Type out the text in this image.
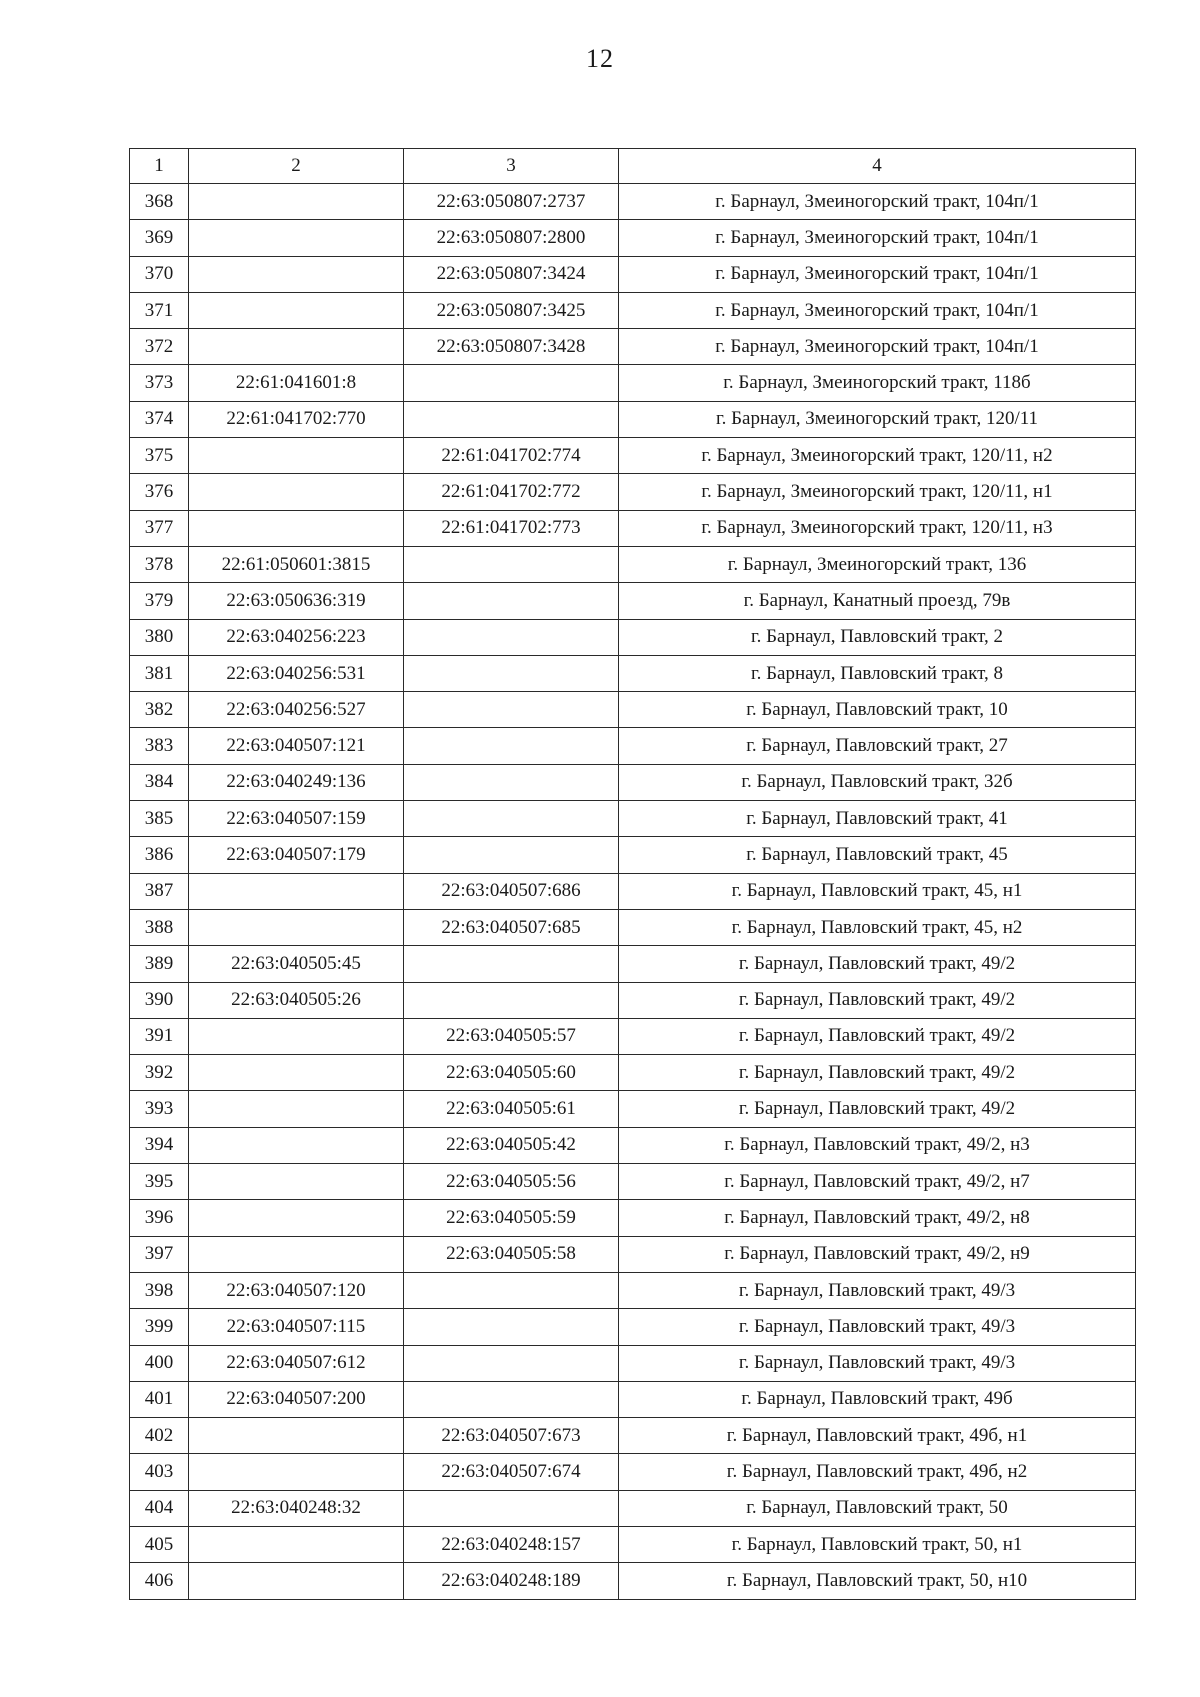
12
1	2	3	4
368		22:63:050807:2737	г. Барнаул, Змеиногорский тракт, 104п/1
369		22:63:050807:2800	г. Барнаул, Змеиногорский тракт, 104п/1
370		22:63:050807:3424	г. Барнаул, Змеиногорский тракт, 104п/1
371		22:63:050807:3425	г. Барнаул, Змеиногорский тракт, 104п/1
372		22:63:050807:3428	г. Барнаул, Змеиногорский тракт, 104п/1
373	22:61:041601:8		г. Барнаул, Змеиногорский тракт, 118б
374	22:61:041702:770		г. Барнаул, Змеиногорский тракт, 120/11
375		22:61:041702:774	г. Барнаул, Змеиногорский тракт, 120/11, н2
376		22:61:041702:772	г. Барнаул, Змеиногорский тракт, 120/11, н1
377		22:61:041702:773	г. Барнаул, Змеиногорский тракт, 120/11, н3
378	22:61:050601:3815		г. Барнаул, Змеиногорский тракт, 136
379	22:63:050636:319		г. Барнаул, Канатный проезд, 79в
380	22:63:040256:223		г. Барнаул, Павловский тракт, 2
381	22:63:040256:531		г. Барнаул, Павловский тракт, 8
382	22:63:040256:527		г. Барнаул, Павловский тракт, 10
383	22:63:040507:121		г. Барнаул, Павловский тракт, 27
384	22:63:040249:136		г. Барнаул, Павловский тракт, 32б
385	22:63:040507:159		г. Барнаул, Павловский тракт, 41
386	22:63:040507:179		г. Барнаул, Павловский тракт, 45
387		22:63:040507:686	г. Барнаул, Павловский тракт, 45, н1
388		22:63:040507:685	г. Барнаул, Павловский тракт, 45, н2
389	22:63:040505:45		г. Барнаул, Павловский тракт, 49/2
390	22:63:040505:26		г. Барнаул, Павловский тракт, 49/2
391		22:63:040505:57	г. Барнаул, Павловский тракт, 49/2
392		22:63:040505:60	г. Барнаул, Павловский тракт, 49/2
393		22:63:040505:61	г. Барнаул, Павловский тракт, 49/2
394		22:63:040505:42	г. Барнаул, Павловский тракт, 49/2, н3
395		22:63:040505:56	г. Барнаул, Павловский тракт, 49/2, н7
396		22:63:040505:59	г. Барнаул, Павловский тракт, 49/2, н8
397		22:63:040505:58	г. Барнаул, Павловский тракт, 49/2, н9
398	22:63:040507:120		г. Барнаул, Павловский тракт, 49/3
399	22:63:040507:115		г. Барнаул, Павловский тракт, 49/3
400	22:63:040507:612		г. Барнаул, Павловский тракт, 49/3
401	22:63:040507:200		г. Барнаул, Павловский тракт, 49б
402		22:63:040507:673	г. Барнаул, Павловский тракт, 49б, н1
403		22:63:040507:674	г. Барнаул, Павловский тракт, 49б, н2
404	22:63:040248:32		г. Барнаул, Павловский тракт, 50
405		22:63:040248:157	г. Барнаул, Павловский тракт, 50, н1
406		22:63:040248:189	г. Барнаул, Павловский тракт, 50, н10
